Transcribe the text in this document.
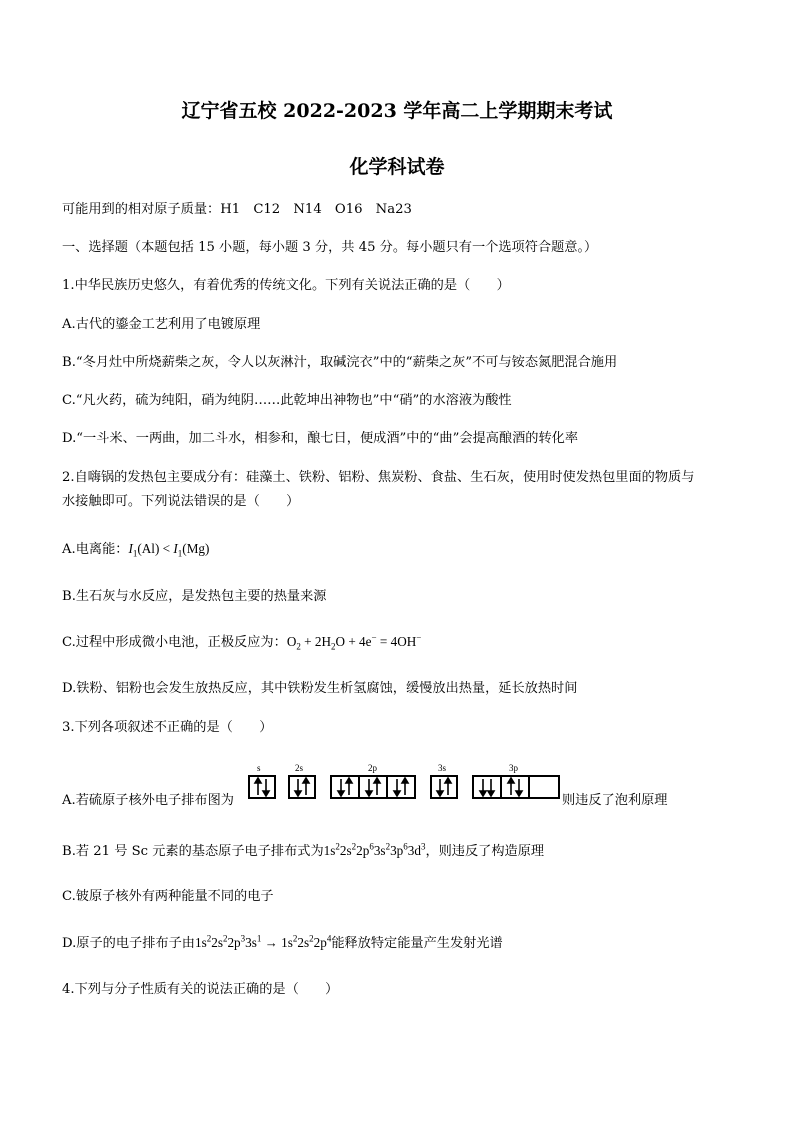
辽宁省五校 2022-2023 学年高二上学期期末考试
化学科试卷
可能用到的相对原子质量：H1　C12　N14　O16　Na23
一、选择题（本题包括 15 小题，每小题 3 分，共 45 分。每小题只有一个选项符合题意。）
1.中华民族历史悠久，有着优秀的传统文化。下列有关说法正确的是（　　）
A.古代的鎏金工艺利用了电镀原理
B.“冬月灶中所烧薪柴之灰，令人以灰淋汁，取碱浣衣”中的“薪柴之灰”不可与铵态氮肥混合施用
C.“凡火药，硫为纯阳，硝为纯阴……此乾坤出神物也”中“硝”的水溶液为酸性
D.“一斗米、一两曲，加二斗水，相参和，酿七日，便成酒”中的“曲”会提高酿酒的转化率
2.自嗨锅的发热包主要成分有：硅藻土、铁粉、铝粉、焦炭粉、食盐、生石灰，使用时使发热包里面的物质与
水接触即可。下列说法错误的是（　　）
A.电离能：$I_1(Al) < I_1(Mg)$
B.生石灰与水反应，是发热包主要的热量来源
C.过程中形成微小电池，正极反应为：$O_2 + 2H_2O + 4e^- = 4OH^-$
D.铁粉、铝粉也会发生放热反应，其中铁粉发生析氢腐蚀，缓慢放出热量，延长放热时间
3.下列各项叙述不正确的是（　　）
s	2s	2p	3s	3p
A.若硫原子核外电子排布图为	则违反了泡利原理
B.若 21 号 Sc 元素的基态原子电子排布式为$1s^22s^22p^63s^23p^63d^3$，则违反了构造原理
C.铍原子核外有两种能量不同的电子
D.原子的电子排布子由$1s^22s^22p^33s^1 \to 1s^22s^22p^4$能释放特定能量产生发射光谱
4.下列与分子性质有关的说法正确的是（　　）
